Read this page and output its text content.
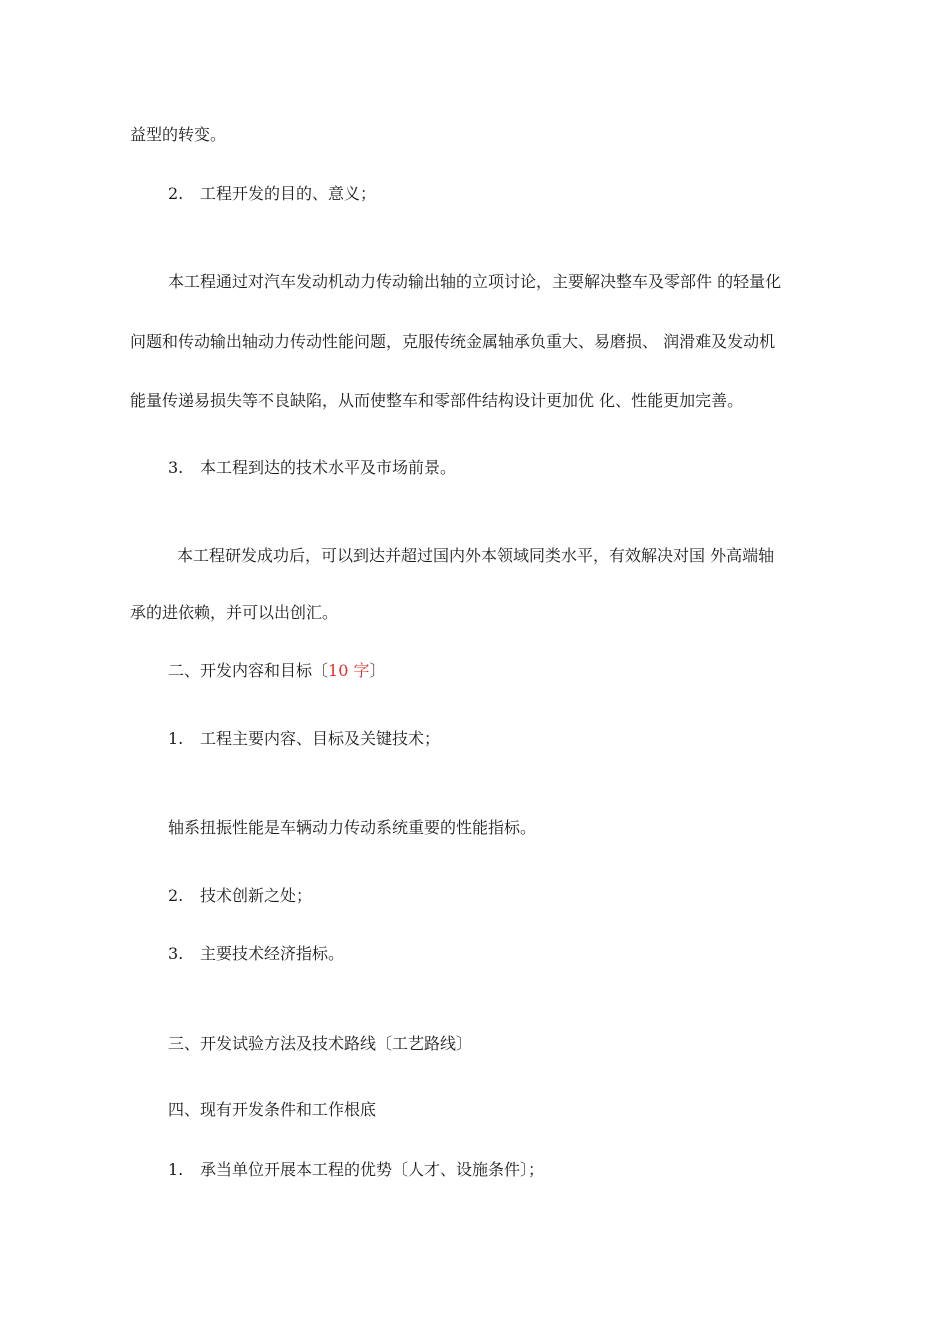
益型的转变。
2. 工程开发的目的、意义；
本工程通过对汽车发动机动力传动输出轴的立项讨论，主要解决整车及零部件 的轻量化
问题和传动输出轴动力传动性能问题，克服传统金属轴承负重大、易磨损、 润滑难及发动机
能量传递易损失等不良缺陷，从而使整车和零部件结构设计更加优 化、性能更加完善。
3. 本工程到达的技术水平及市场前景。
本工程研发成功后，可以到达并超过国内外本领域同类水平，有效解决对国 外高端轴
承的进依赖，并可以出创汇。
二、开发内容和目标〔10 字〕
1. 工程主要内容、目标及关键技术；
轴系扭振性能是车辆动力传动系统重要的性能指标。
2. 技术创新之处；
3. 主要技术经济指标。
三、开发试验方法及技术路线〔工艺路线〕
四、现有开发条件和工作根底
1. 承当单位开展本工程的优势〔人才、设施条件〕；
